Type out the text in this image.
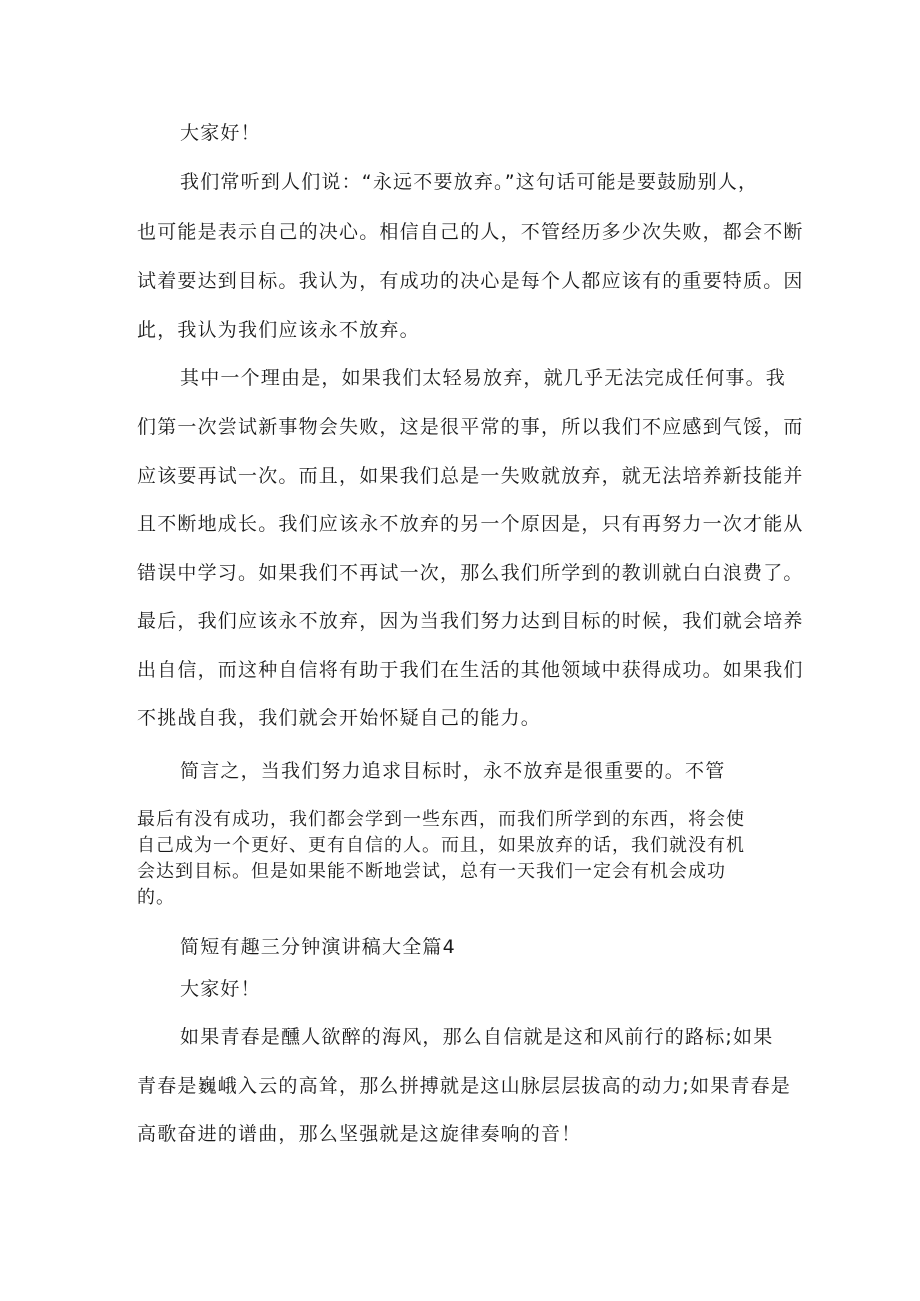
大家好！
我们常听到人们说：“永远不要放弃。”这句话可能是要鼓励别人，
也可能是表示自己的决心。相信自己的人，不管经历多少次失败，都会不断
试着要达到目标。我认为，有成功的决心是每个人都应该有的重要特质。因
此，我认为我们应该永不放弃。
其中一个理由是，如果我们太轻易放弃，就几乎无法完成任何事。我
们第一次尝试新事物会失败，这是很平常的事，所以我们不应感到气馁，而
应该要再试一次。而且，如果我们总是一失败就放弃，就无法培养新技能并
且不断地成长。我们应该永不放弃的另一个原因是，只有再努力一次才能从
错误中学习。如果我们不再试一次，那么我们所学到的教训就白白浪费了。
最后，我们应该永不放弃，因为当我们努力达到目标的时候，我们就会培养
出自信，而这种自信将有助于我们在生活的其他领域中获得成功。如果我们
不挑战自我，我们就会开始怀疑自己的能力。
简言之，当我们努力追求目标时，永不放弃是很重要的。不管
最后有没有成功，我们都会学到一些东西，而我们所学到的东西，将会使
自己成为一个更好、更有自信的人。而且，如果放弃的话，我们就没有机
会达到目标。但是如果能不断地尝试，总有一天我们一定会有机会成功
的。
简短有趣三分钟演讲稿大全篇4
大家好！
如果青春是醺人欲醉的海风，那么自信就是这和风前行的路标;如果
青春是巍峨入云的高耸，那么拼搏就是这山脉层层拔高的动力;如果青春是
高歌奋进的谱曲，那么坚强就是这旋律奏响的音！
